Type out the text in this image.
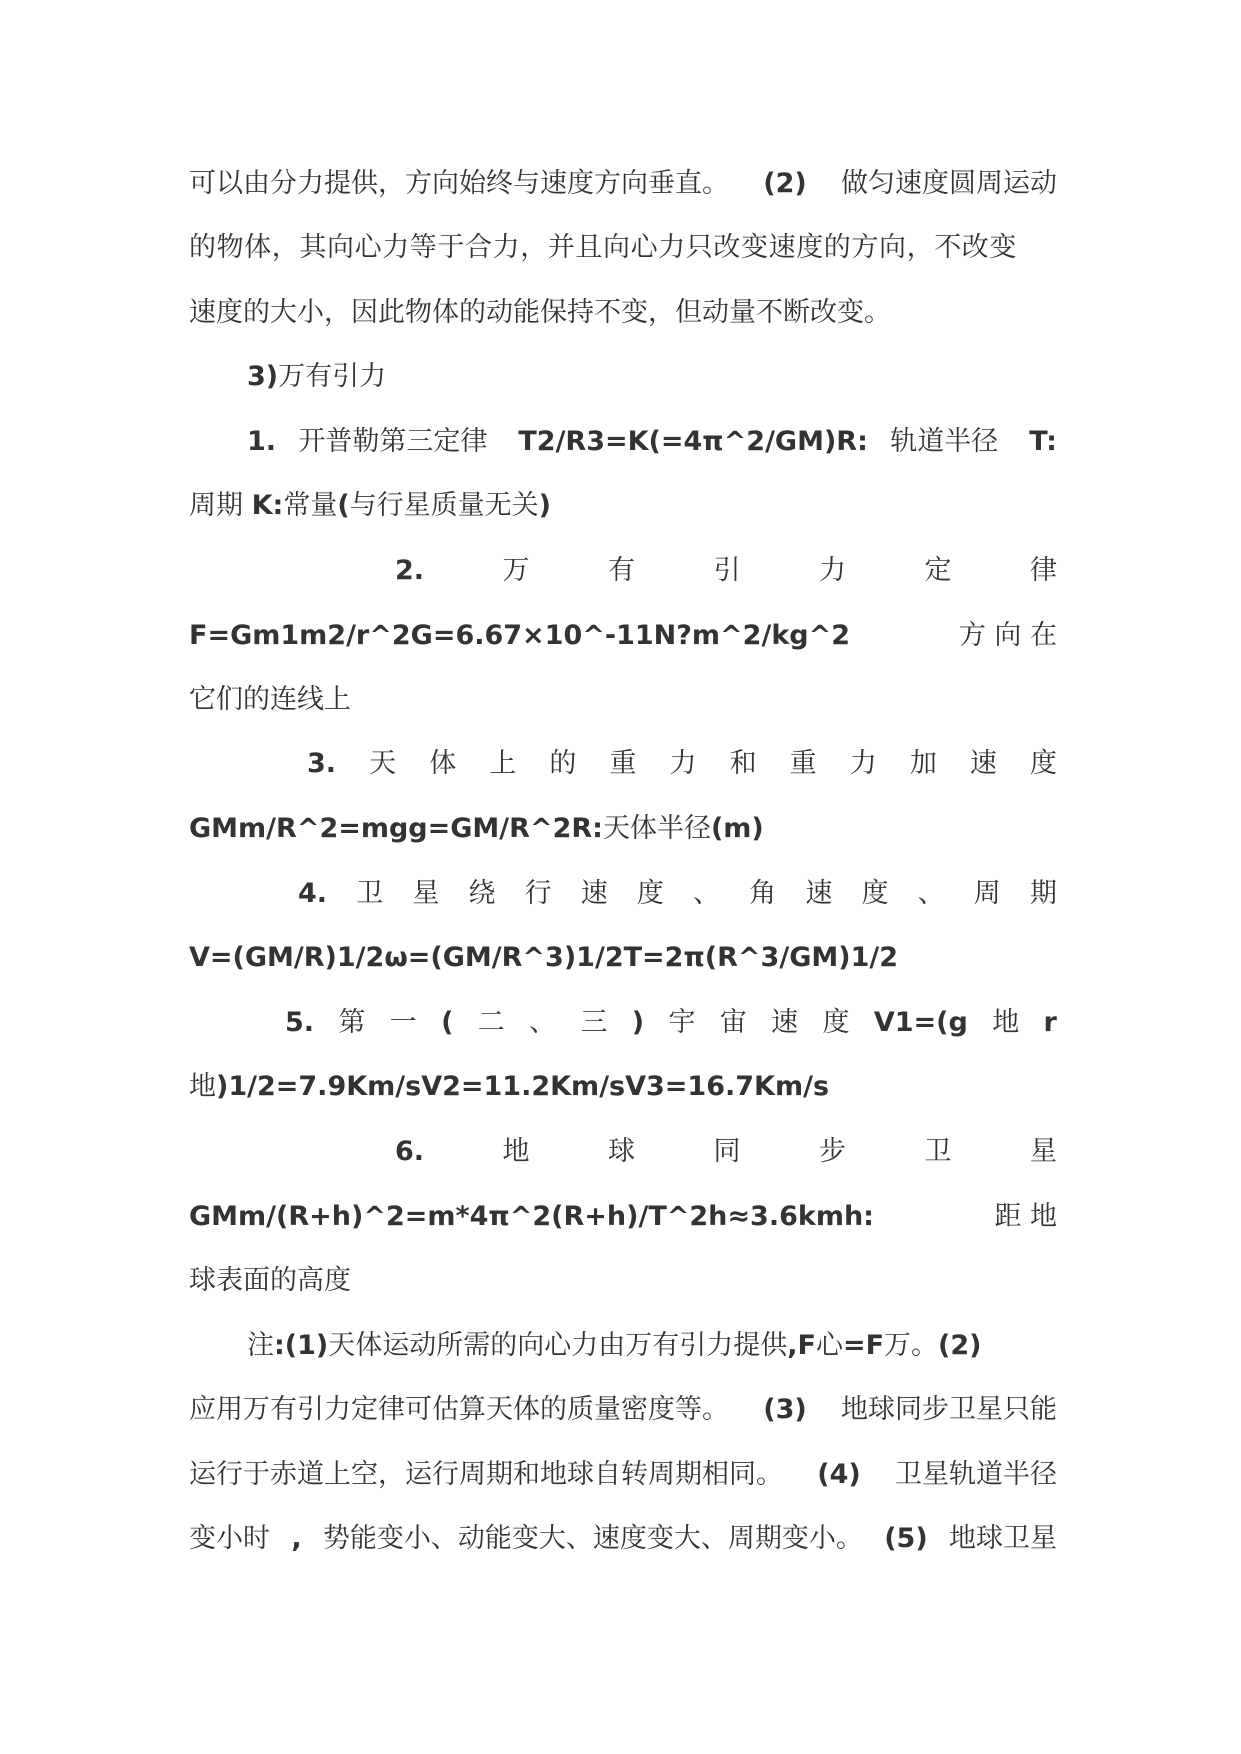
可以由分力提供，方向始终与速度方向垂直。 (2) 做匀速度圆周运动
的物体，其向心力等于合力，并且向心力只改变速度的方向，不改变
速度的大小，因此物体的动能保持不变，但动量不断改变。
3)万有引力
1. 开普勒第三定律 T2/R3=K(=4π^2/GM)R: 轨道半径 T:
周期 K:常量(与行星质量无关)
2.	万	有	引	力	定	律
F=Gm1m2/r^2G=6.67×10^-11N?m^2/kg^2	方 向 在
它们的连线上
3. 天 体 上 的 重 力 和 重 力 加 速 度
GMm/R^2=mgg=GM/R^2R:天体半径(m)
4. 卫 星 绕 行 速 度 、 角 速 度 、 周 期
V=(GM/R)1/2ω=(GM/R^3)1/2T=2π(R^3/GM)1/2
5. 第 一 ( 二 、 三 ) 宇 宙 速 度 V1=(g 地 r
地)1/2=7.9Km/sV2=11.2Km/sV3=16.7Km/s
6.	地	球	同	步	卫	星
GMm/(R+h)^2=m*4π^2(R+h)/T^2h≈3.6kmh:	距 地
球表面的高度
注:(1)天体运动所需的向心力由万有引力提供,F心=F万。(2)
应用万有引力定律可估算天体的质量密度等。 (3) 地球同步卫星只能
运行于赤道上空，运行周期和地球自转周期相同。 (4) 卫星轨道半径
变小时 , 势能变小、动能变大、速度变大、周期变小。 (5) 地球卫星
